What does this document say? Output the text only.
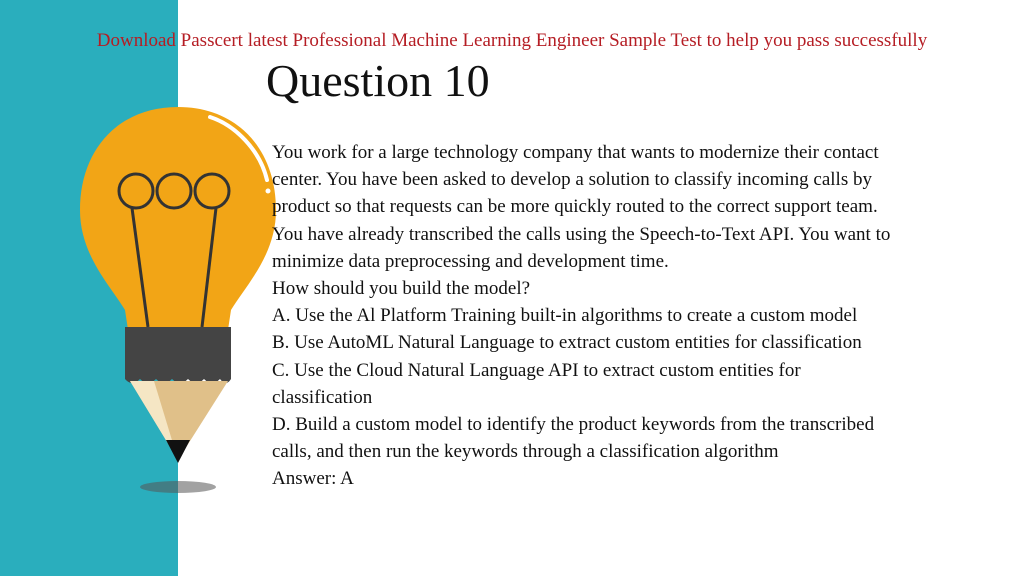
Download Passcert latest Professional Machine Learning Engineer Sample Test to help you pass successfully
Question 10

You work for a large technology company that wants to modernize their contact

center. You have been asked to develop a solution to classify incoming calls by

product so that requests can be more quickly routed to the correct support team.

You have already transcribed the calls using the Speech-to-Text API. You want to

minimize data preprocessing and development time.

How should you build the model?

A. Use the Al Platform Training built-in algorithms to create a custom model

B. Use AutoML Natural Language to extract custom entities for classification

C. Use the Cloud Natural Language API to extract custom entities for

classification

D. Build a custom model to identify the product keywords from the transcribed

calls, and then run the keywords through a classification algorithm

Answer: A
